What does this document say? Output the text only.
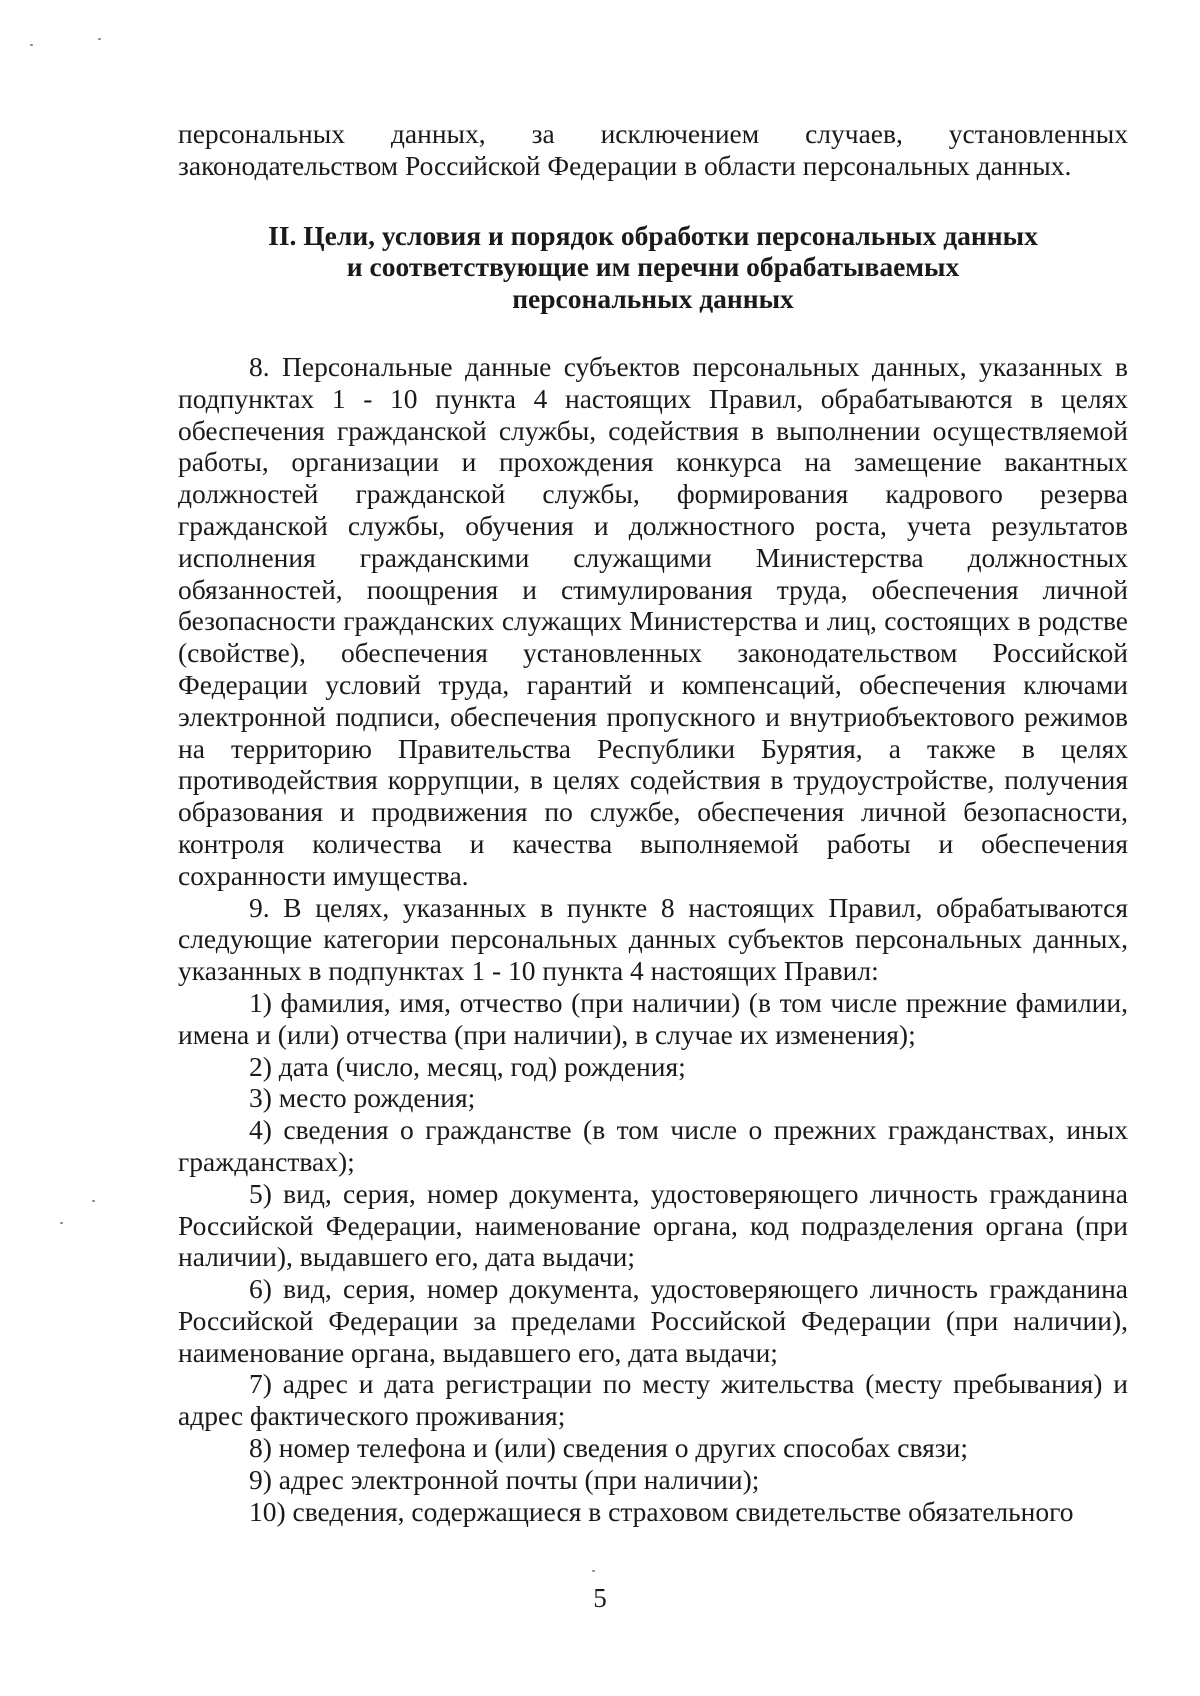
персональных данных, за исключением случаев, установленных законодательством Российской Федерации в области персональных данных.

II. Цели, условия и порядок обработки персональных данных
и соответствующие им перечни обрабатываемых
персональных данных

8. Персональные данные субъектов персональных данных, указанных в подпунктах 1 - 10 пункта 4 настоящих Правил, обрабатываются в целях обеспечения гражданской службы, содействия в выполнении осуществляемой работы, организации и прохождения конкурса на замещение вакантных должностей гражданской службы, формирования кадрового резерва гражданской службы, обучения и должностного роста, учета результатов исполнения гражданскими служащими Министерства должностных обязанностей, поощрения и стимулирования труда, обеспечения личной безопасности гражданских служащих Министерства и лиц, состоящих в родстве (свойстве), обеспечения установленных законодательством Российской Федерации условий труда, гарантий и компенсаций, обеспечения ключами электронной подписи, обеспечения пропускного и внутриобъектового режимов на территорию Правительства Республики Бурятия, а также в целях противодействия коррупции, в целях содействия в трудоустройстве, получения образования и продвижения по службе, обеспечения личной безопасности, контроля количества и качества выполняемой работы и обеспечения сохранности имущества.

9. В целях, указанных в пункте 8 настоящих Правил, обрабатываются следующие категории персональных данных субъектов персональных данных, указанных в подпунктах 1 - 10 пункта 4 настоящих Правил:

1) фамилия, имя, отчество (при наличии) (в том числе прежние фамилии, имена и (или) отчества (при наличии), в случае их изменения);

2) дата (число, месяц, год) рождения;

3) место рождения;

4) сведения о гражданстве (в том числе о прежних гражданствах, иных гражданствах);

5) вид, серия, номер документа, удостоверяющего личность гражданина Российской Федерации, наименование органа, код подразделения органа (при наличии), выдавшего его, дата выдачи;

6) вид, серия, номер документа, удостоверяющего личность гражданина Российской Федерации за пределами Российской Федерации (при наличии), наименование органа, выдавшего его, дата выдачи;

7) адрес и дата регистрации по месту жительства (месту пребывания) и адрес фактического проживания;

8) номер телефона и (или) сведения о других способах связи;

9) адрес электронной почты (при наличии);

10) сведения, содержащиеся в страховом свидетельстве обязательного

5
